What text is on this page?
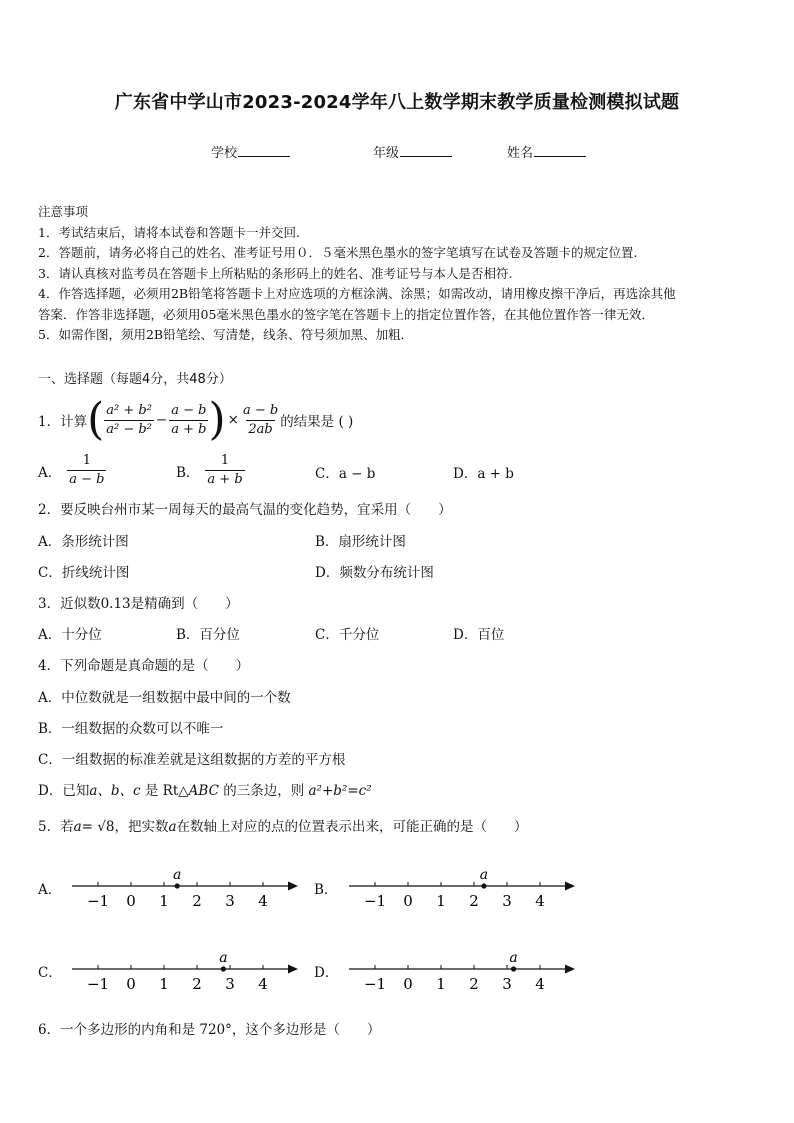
广东省中学山市2023-2024学年八上数学期末教学质量检测模拟试题
学校	年级	姓名
注意事项
1．考试结束后，请将本试卷和答题卡一并交回.
2．答题前，请务必将自己的姓名、准考证号用０．５毫米黑色墨水的签字笔填写在试卷及答题卡的规定位置.
3．请认真核对监考员在答题卡上所粘贴的条形码上的姓名、准考证号与本人是否相符.
4．作答选择题，必须用2B铅笔将答题卡上对应选项的方框涂满、涂黑；如需改动，请用橡皮擦干净后，再选涂其他
答案．作答非选择题，必须用05毫米黑色墨水的签字笔在答题卡上的指定位置作答，在其他位置作答一律无效．
5．如需作图，须用2B铅笔绘、写清楚，线条、符号须加黑、加粗．
一、选择题（每题4分，共48分）
1．计算 ( $\frac{\text{a² + b²}}{\text{a² − b²}} - \frac{a - b}{a + b}$ ) × $\frac{a - b}{2ab}$ 的结果是 ( )
A． $\frac{1}{a - b}$	B． $\frac{1}{a + b}$	C．a − b	D．a + b
2．要反映台州市某一周每天的最高气温的变化趋势，宜采用（　　）
A．条形统计图	B．扇形统计图
C．折线统计图	D．频数分布统计图
3．近似数0.13是精确到（　　）
A．十分位	B．百分位	C．千分位	D．百位
4．下列命题是真命题的是（　　）
A．中位数就是一组数据中最中间的一个数
B．一组数据的众数可以不唯一
C．一组数据的标准差就是这组数据的方差的平方根
D．已知a、b、c 是 Rt△ABC 的三条边，则 a²+b²=c²
5．若a= √8，把实数a在数轴上对应的点的位置表示出来，可能正确的是（　　）
A．	B．
C．	D．
−1 0 1 2 3 4
a
−1 0 1 2 3 4
a
−1 0 1 2 3 4
a
−1 0 1 2 3 4
a
6．一个多边形的内角和是 720°，这个多边形是（　　）
